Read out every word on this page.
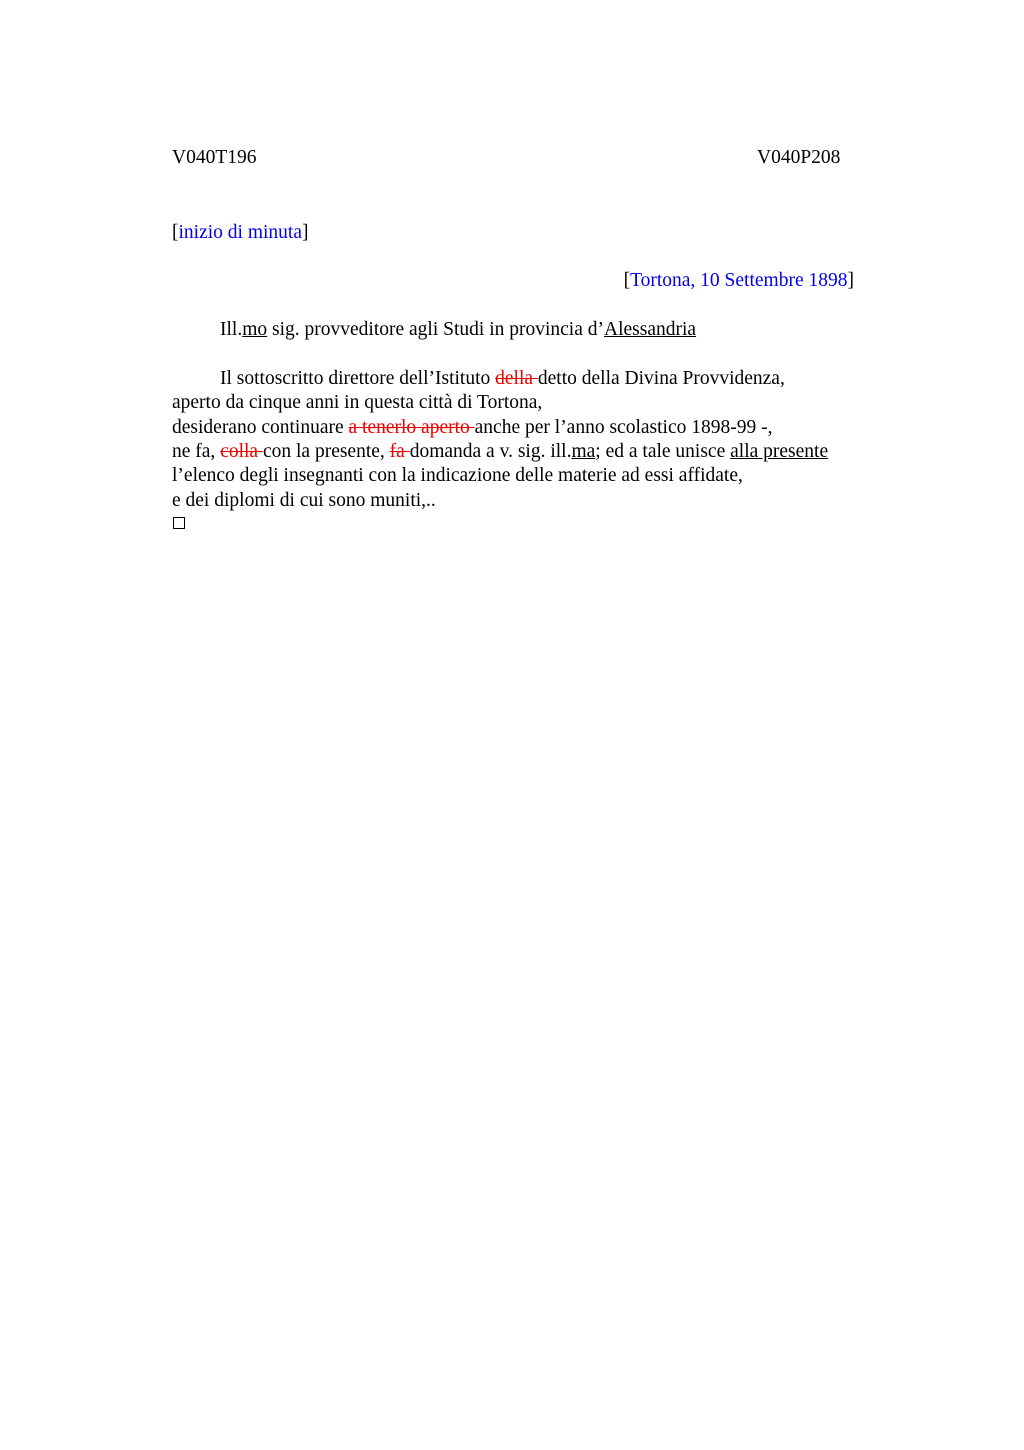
V040T196	V040P208
[inizio di minuta]
[Tortona, 10 Settembre 1898]
Ill.mo sig. provveditore agli Studi in provincia d’Alessandria
Il sottoscritto direttore dell’Istituto della detto della Divina Provvidenza,
aperto da cinque anni in questa città di Tortona,
desiderano continuare a tenerlo aperto anche per l’anno scolastico 1898-99 -,
ne fa, colla con la presente, fa domanda a v. sig. ill.ma; ed a tale unisce alla presente
l’elenco degli insegnanti con la indicazione delle materie ad essi affidate,
e dei diplomi di cui sono muniti,..
